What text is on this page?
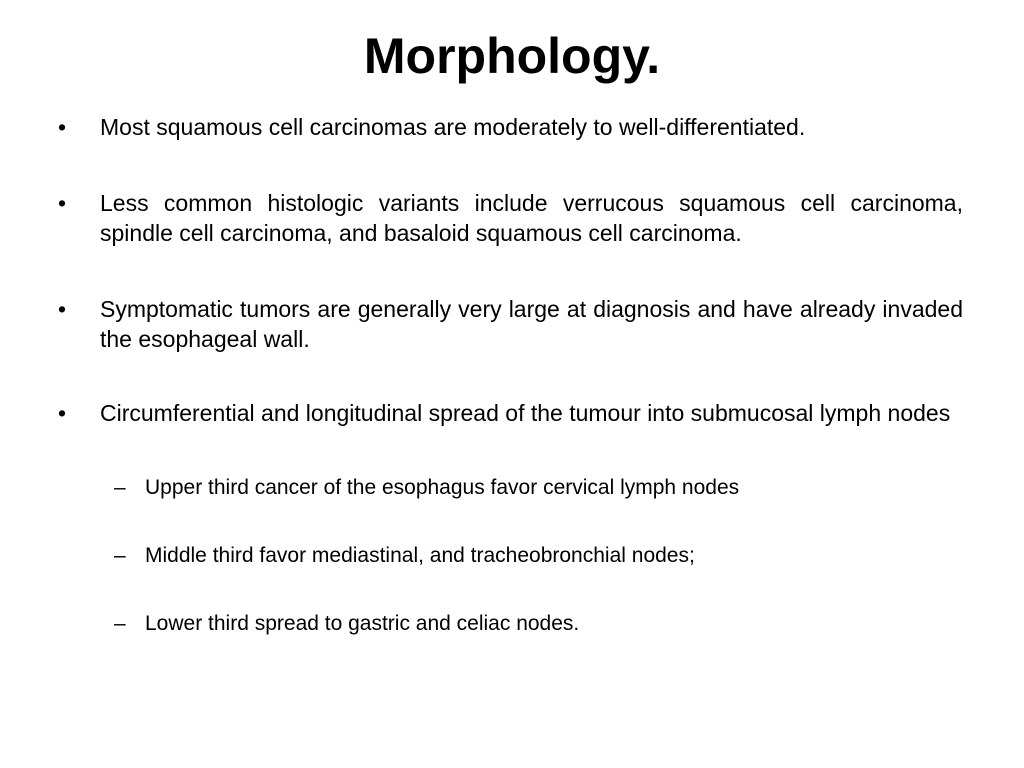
Morphology.
•	Most squamous cell carcinomas are moderately to well-differentiated.
•	Less common histologic variants include verrucous squamous cell carcinoma, spindle cell carcinoma, and basaloid squamous cell carcinoma.
•	Symptomatic tumors are generally very large at diagnosis and have already invaded the esophageal wall.
•	Circumferential and longitudinal spread of the tumour into submucosal lymph nodes
– Upper third cancer of the esophagus favor cervical lymph nodes
– Middle third favor mediastinal, and tracheobronchial nodes;
– Lower third spread to gastric and celiac nodes.
